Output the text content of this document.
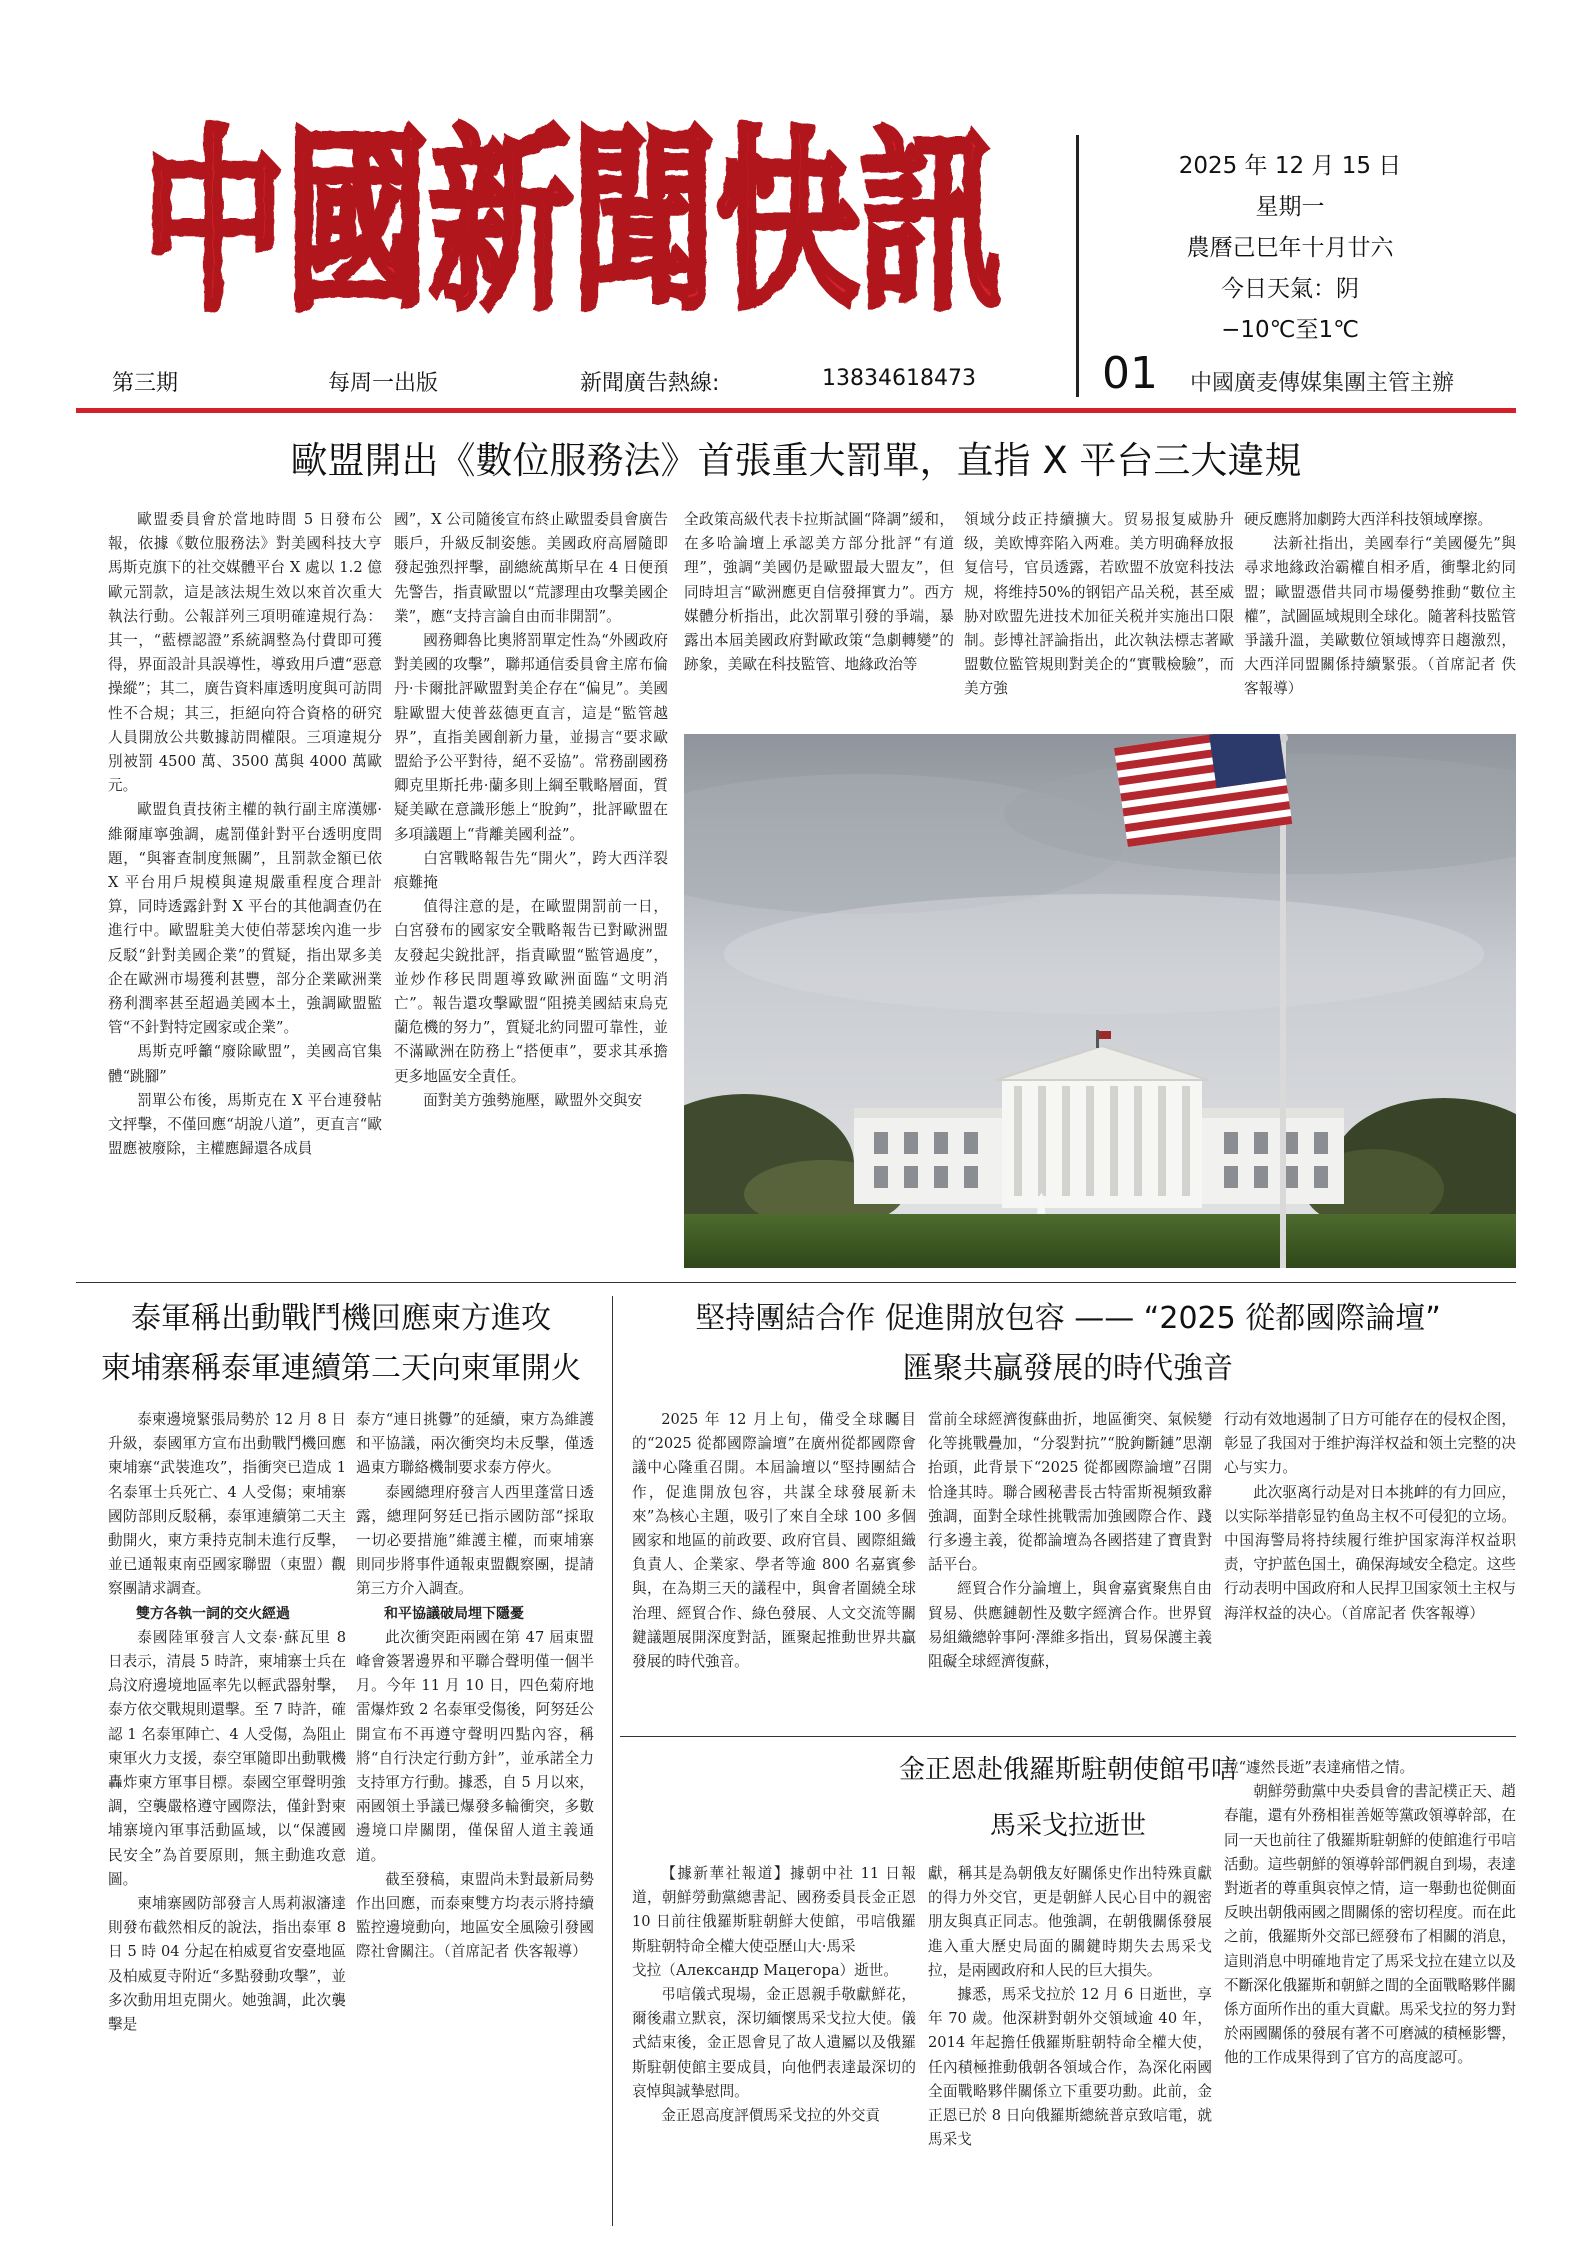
中國新聞快訊	2025 年 12 月 15 日
星期一
農曆己巳年十月廿六
今日天氣：阴
−10℃至1℃
第三期	每周一出版	新聞廣告熱線:	13834618473	01 中國廣麦傳媒集團主管主辦
歐盟開出《數位服務法》首張重大罰單，直指 X 平台三大違規

歐盟委員會於當地時間 5 日發布公報，依據《數位服務法》對美國科技大亨馬斯克旗下的社交媒體平台 X 處以 1.2 億歐元罰款，這是該法規生效以來首次重大執法行動。公報詳列三項明確違規行為：其一，“藍標認證”系統調整為付費即可獲得，界面設計具誤導性，導致用戶遭“惡意操縱”；其二，廣告資料庫透明度與可訪問性不合規；其三，拒絕向符合資格的研究人員開放公共數據訪問權限。三項違規分別被罰 4500 萬、3500 萬與 4000 萬歐元。

歐盟負責技術主權的執行副主席漢娜·維爾庫寧強調，處罰僅針對平台透明度問題，“與審查制度無關”，且罰款金額已依 X 平台用戶規模與違規嚴重程度合理計算，同時透露針對 X 平台的其他調查仍在進行中。歐盟駐美大使伯蒂瑟埃內進一步反駁“針對美國企業”的質疑，指出眾多美企在歐洲市場獲利甚豐，部分企業歐洲業務利潤率甚至超過美國本土，強調歐盟監管“不針對特定國家或企業”。

馬斯克呼籲“廢除歐盟”，美國高官集體“跳腳”

罰單公布後，馬斯克在 X 平台連發帖文抨擊，不僅回應“胡說八道”，更直言“歐盟應被廢除，主權應歸還各成員

國”，X 公司隨後宣布終止歐盟委員會廣告賬戶，升級反制姿態。美國政府高層隨即發起強烈抨擊，副總統萬斯早在 4 日便預先警告，指責歐盟以“荒謬理由攻擊美國企業”，應“支持言論自由而非開罰”。

國務卿魯比奧將罰單定性為“外國政府對美國的攻擊”，聯邦通信委員會主席布倫丹·卡爾批評歐盟對美企存在“偏見”。美國駐歐盟大使普茲德更直言，這是“監管越界”，直指美國創新力量，並揚言“要求歐盟給予公平對待，絕不妥協”。常務副國務卿克里斯托弗·蘭多則上綱至戰略層面，質疑美歐在意識形態上“脫鉤”，批評歐盟在多項議題上“背離美國利益”。

白宮戰略報告先“開火”，跨大西洋裂痕難掩

值得注意的是，在歐盟開罰前一日，白宮發布的國家安全戰略報告已對歐洲盟友發起尖銳批評，指責歐盟“監管過度”，並炒作移民問題導致歐洲面臨“文明消亡”。報告還攻擊歐盟“阻撓美國結束烏克蘭危機的努力”，質疑北約同盟可靠性，並不滿歐洲在防務上“搭便車”，要求其承擔更多地區安全責任。

面對美方強勢施壓，歐盟外交與安

全政策高級代表卡拉斯試圖“降調”緩和，在多哈論壇上承認美方部分批評“有道理”，強調“美國仍是歐盟最大盟友”，但同時坦言“歐洲應更自信發揮實力”。西方媒體分析指出，此次罰單引發的爭端，暴露出本屆美國政府對歐政策“急劇轉變”的跡象，美歐在科技監管、地緣政治等

領域分歧正持續擴大。贸易报复威胁升级，美欧博弈陷入两难。美方明确释放报复信号，官员透露，若欧盟不放宽科技法规，将维持50%的钢铝产品关税，甚至威胁对欧盟先进技术加征关税并实施出口限制。彭博社評論指出，此次執法標志著歐盟數位監管規則對美企的“實戰檢驗”，而美方強

硬反應將加劇跨大西洋科技領域摩擦。

法新社指出，美國奉行“美國優先”與尋求地緣政治霸權自相矛盾，衝擊北約同盟；歐盟憑借共同市場優勢推動“數位主權”，試圖區域規則全球化。隨著科技監管爭議升溫，美歐數位領域博弈日趨激烈，大西洋同盟關係持續緊張。（首席記者 佚客報導）

泰軍稱出動戰鬥機回應柬方進攻
柬埔寨稱泰軍連續第二天向柬軍開火

泰柬邊境緊張局勢於 12 月 8 日升級，泰國軍方宣布出動戰鬥機回應柬埔寨“武裝進攻”，指衝突已造成 1 名泰軍士兵死亡、4 人受傷；柬埔寨國防部則反駁稱，泰軍連續第二天主動開火，柬方秉持克制未進行反擊，並已通報東南亞國家聯盟（東盟）觀察團請求調查。

雙方各執一詞的交火經過

泰國陸軍發言人文泰·蘇瓦里 8 日表示，清晨 5 時許，柬埔寨士兵在烏汶府邊境地區率先以輕武器射擊，泰方依交戰規則還擊。至 7 時許，確認 1 名泰軍陣亡、4 人受傷，為阻止柬軍火力支援，泰空軍隨即出動戰機轟炸柬方軍事目標。泰國空軍聲明強調，空襲嚴格遵守國際法，僅針對柬埔寨境內軍事活動區域，以“保護國民安全”為首要原則，無主動進攻意圖。

柬埔寨國防部發言人馬莉淑瀋達則發布截然相反的說法，指出泰軍 8 日 5 時 04 分起在柏威夏省安臺地區及柏威夏寺附近“多點發動攻擊”，並多次動用坦克開火。她強調，此次襲擊是

泰方“連日挑釁”的延續，柬方為維護和平協議，兩次衝突均未反擊，僅透過東方聯絡機制要求泰方停火。

泰國總理府發言人西里蓬當日透露，總理阿努廷已指示國防部“採取一切必要措施”維護主權，而柬埔寨則同步將事件通報東盟觀察團，提請第三方介入調查。

和平協議破局埋下隱憂

此次衝突距兩國在第 47 屆東盟峰會簽署邊界和平聯合聲明僅一個半月。今年 11 月 10 日，四色菊府地雷爆炸致 2 名泰軍受傷後，阿努廷公開宣布不再遵守聲明四點內容，稱將“自行決定行動方針”，並承諾全力支持軍方行動。據悉，自 5 月以來，兩國領土爭議已爆發多輪衝突，多數邊境口岸關閉，僅保留人道主義通道。

截至發稿，東盟尚未對最新局勢作出回應，而泰柬雙方均表示將持續監控邊境動向，地區安全風險引發國際社會關注。（首席記者 佚客報導）

堅持團結合作 促進開放包容 —— “2025 從都國際論壇”
匯聚共贏發展的時代強音

2025 年 12 月上旬，備受全球矚目的“2025 從都國際論壇”在廣州從都國際會議中心隆重召開。本屆論壇以“堅持團結合作，促進開放包容，共謀全球發展新未來”為核心主題，吸引了來自全球 100 多個國家和地區的前政要、政府官員、國際組織負責人、企業家、學者等逾 800 名嘉賓參與，在為期三天的議程中，與會者圍繞全球治理、經貿合作、綠色發展、人文交流等關鍵議題展開深度對話，匯聚起推動世界共贏發展的時代強音。

當前全球經濟復蘇曲折，地區衝突、氣候變化等挑戰疊加，“分裂對抗”“脫鉤斷鏈”思潮抬頭，此背景下“2025 從都國際論壇”召開恰逢其時。聯合國秘書長古特雷斯視頻致辭強調，面對全球性挑戰需加強國際合作、踐行多邊主義，從都論壇為各國搭建了寶貴對話平台。

經貿合作分論壇上，與會嘉賓聚焦自由貿易、供應鏈韌性及數字經濟合作。世界貿易組織總幹事阿·澤維多指出，貿易保護主義阻礙全球經濟復蘇，

行动有效地遏制了日方可能存在的侵权企图，彰显了我国对于维护海洋权益和领土完整的决心与实力。

此次驱离行动是对日本挑衅的有力回应，以实际举措彰显钓鱼岛主权不可侵犯的立场。中国海警局将持续履行维护国家海洋权益职责，守护蓝色国土，确保海域安全稳定。这些行动表明中国政府和人民捍卫国家领土主权与海洋权益的决心。（首席記者 佚客報導）

金正恩赴俄羅斯駐朝使館弔唁
馬采戈拉逝世

【據新華社報道】據朝中社 11 日報道，朝鮮勞動黨總書記、國務委員長金正恩 10 日前往俄羅斯駐朝鮮大使館，弔唁俄羅斯駐朝特命全權大使亞歷山大·馬采

戈拉（Александр Мацегора）逝世。

弔唁儀式現場，金正恩親手敬獻鮮花，爾後肅立默哀，深切緬懷馬采戈拉大使。儀式結束後，金正恩會見了故人遺屬以及俄羅斯駐朝使館主要成員，向他們表達最深切的哀悼與誠摯慰問。

金正恩高度評價馬采戈拉的外交貢

獻，稱其是為朝俄友好關係史作出特殊貢獻的得力外交官，更是朝鮮人民心目中的親密朋友與真正同志。他強調，在朝俄關係發展進入重大歷史局面的關鍵時期失去馬采戈拉，是兩國政府和人民的巨大損失。

據悉，馬采戈拉於 12 月 6 日逝世，享年 70 歲。他深耕對朝外交領域逾 40 年，2014 年起擔任俄羅斯駐朝特命全權大使，任內積極推動俄朝各領域合作，為深化兩國全面戰略夥伴關係立下重要功勳。此前，金正恩已於 8 日向俄羅斯總統普京致唁電，就馬采戈

拉“遽然長逝”表達痛惜之情。

朝鮮勞動黨中央委員會的書記樸正天、趙春龍，還有外務相崔善姬等黨政領導幹部，在同一天也前往了俄羅斯駐朝鮮的使館進行弔唁活動。這些朝鮮的領導幹部們親自到場，表達對逝者的尊重與哀悼之情，這一舉動也從側面反映出朝俄兩國之間關係的密切程度。而在此之前，俄羅斯外交部已經發布了相關的消息，這則消息中明確地肯定了馬采戈拉在建立以及不斷深化俄羅斯和朝鮮之間的全面戰略夥伴關係方面所作出的重大貢獻。馬采戈拉的努力對於兩國關係的發展有著不可磨滅的積極影響，他的工作成果得到了官方的高度認可。
